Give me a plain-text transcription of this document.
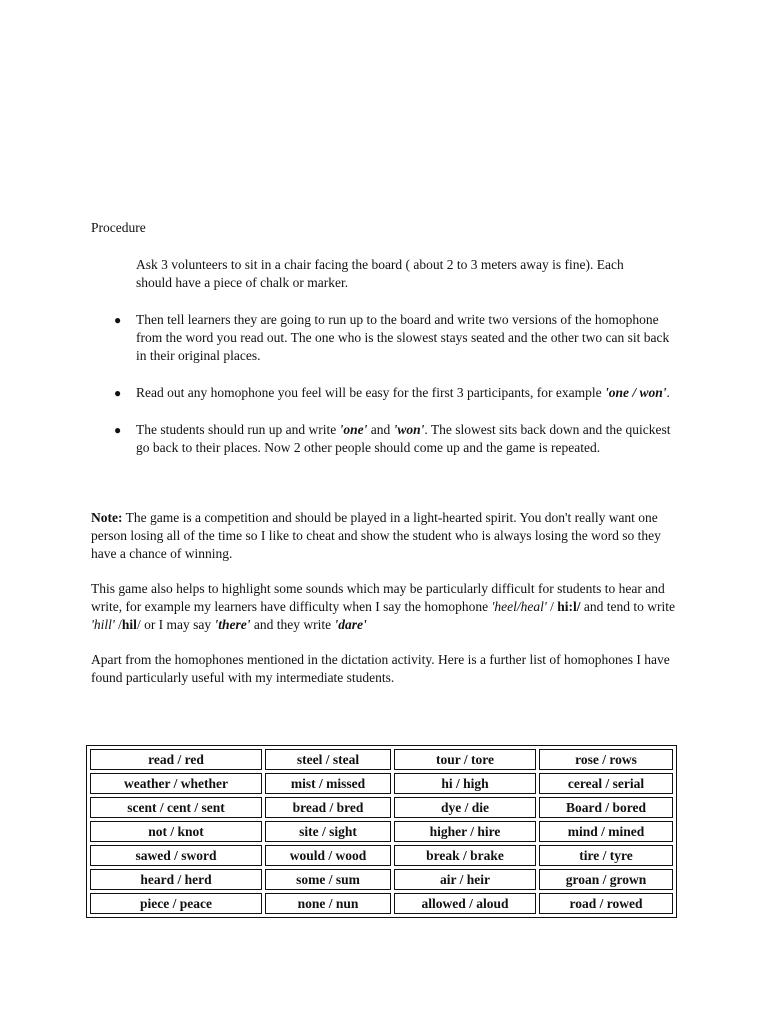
Procedure
Ask 3 volunteers to sit in a chair facing the board ( about 2 to 3 meters away is fine). Each should have a piece of chalk or marker.
● Then tell learners they are going to run up to the board and write two versions of the homophone from the word you read out. The one who is the slowest stays seated and the other two can sit back in their original places.
● Read out any homophone you feel will be easy for the first 3 participants, for example 'one / won'.
● The students should run up and write 'one' and 'won'. The slowest sits back down and the quickest go back to their places. Now 2 other people should come up and the game is repeated.

Note: The game is a competition and should be played in a light-hearted spirit. You don't really want one person losing all of the time so I like to cheat and show the student who is always losing the word so they have a chance of winning.

This game also helps to highlight some sounds which may be particularly difficult for students to hear and write, for example my learners have difficulty when I say the homophone 'heel/heal' / hi:l/ and tend to write 'hill' /hil/ or I may say 'there' and they write 'dare'

Apart from the homophones mentioned in the dictation activity. Here is a further list of homophones I have found particularly useful with my intermediate students.

read / red	steel / steal	tour / tore	rose / rows
weather / whether	mist / missed	hi / high	cereal / serial
scent / cent / sent	bread / bred	dye / die	Board / bored
not / knot	site / sight	higher / hire	mind / mined
sawed / sword	would / wood	break / brake	tire / tyre
heard / herd	some / sum	air / heir	groan / grown
piece / peace	none / nun	allowed / aloud	road / rowed
